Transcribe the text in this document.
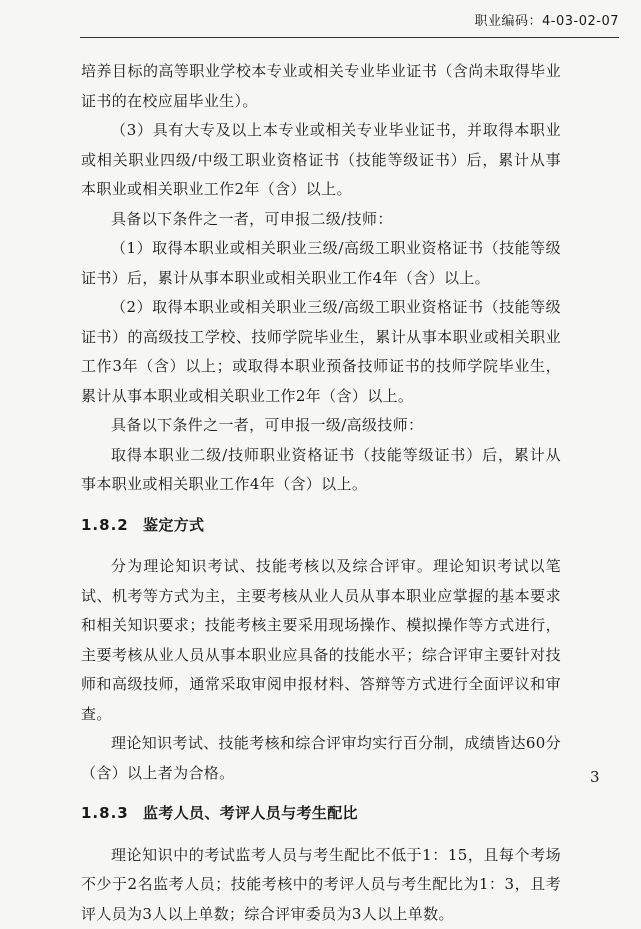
职业编码：4-03-02-07

培养目标的高等职业学校本专业或相关专业毕业证书（含尚未取得毕业证书的在校应届毕业生）。

（3）具有大专及以上本专业或相关专业毕业证书，并取得本职业或相关职业四级/中级工职业资格证书（技能等级证书）后，累计从事本职业或相关职业工作2年（含）以上。

具备以下条件之一者，可申报二级/技师：

（1）取得本职业或相关职业三级/高级工职业资格证书（技能等级证书）后，累计从事本职业或相关职业工作4年（含）以上。

（2）取得本职业或相关职业三级/高级工职业资格证书（技能等级证书）的高级技工学校、技师学院毕业生，累计从事本职业或相关职业工作3年（含）以上；或取得本职业预备技师证书的技师学院毕业生，累计从事本职业或相关职业工作2年（含）以上。

具备以下条件之一者，可申报一级/高级技师：

取得本职业二级/技师职业资格证书（技能等级证书）后，累计从事本职业或相关职业工作4年（含）以上。

1.8.2 鉴定方式

分为理论知识考试、技能考核以及综合评审。理论知识考试以笔试、机考等方式为主，主要考核从业人员从事本职业应掌握的基本要求和相关知识要求；技能考核主要采用现场操作、模拟操作等方式进行，主要考核从业人员从事本职业应具备的技能水平；综合评审主要针对技师和高级技师，通常采取审阅申报材料、答辩等方式进行全面评议和审查。

理论知识考试、技能考核和综合评审均实行百分制，成绩皆达60分（含）以上者为合格。

1.8.3 监考人员、考评人员与考生配比

理论知识中的考试监考人员与考生配比不低于1：15，且每个考场不少于2名监考人员；技能考核中的考评人员与考生配比为1：3，且考评人员为3人以上单数；综合评审委员为3人以上单数。

3
